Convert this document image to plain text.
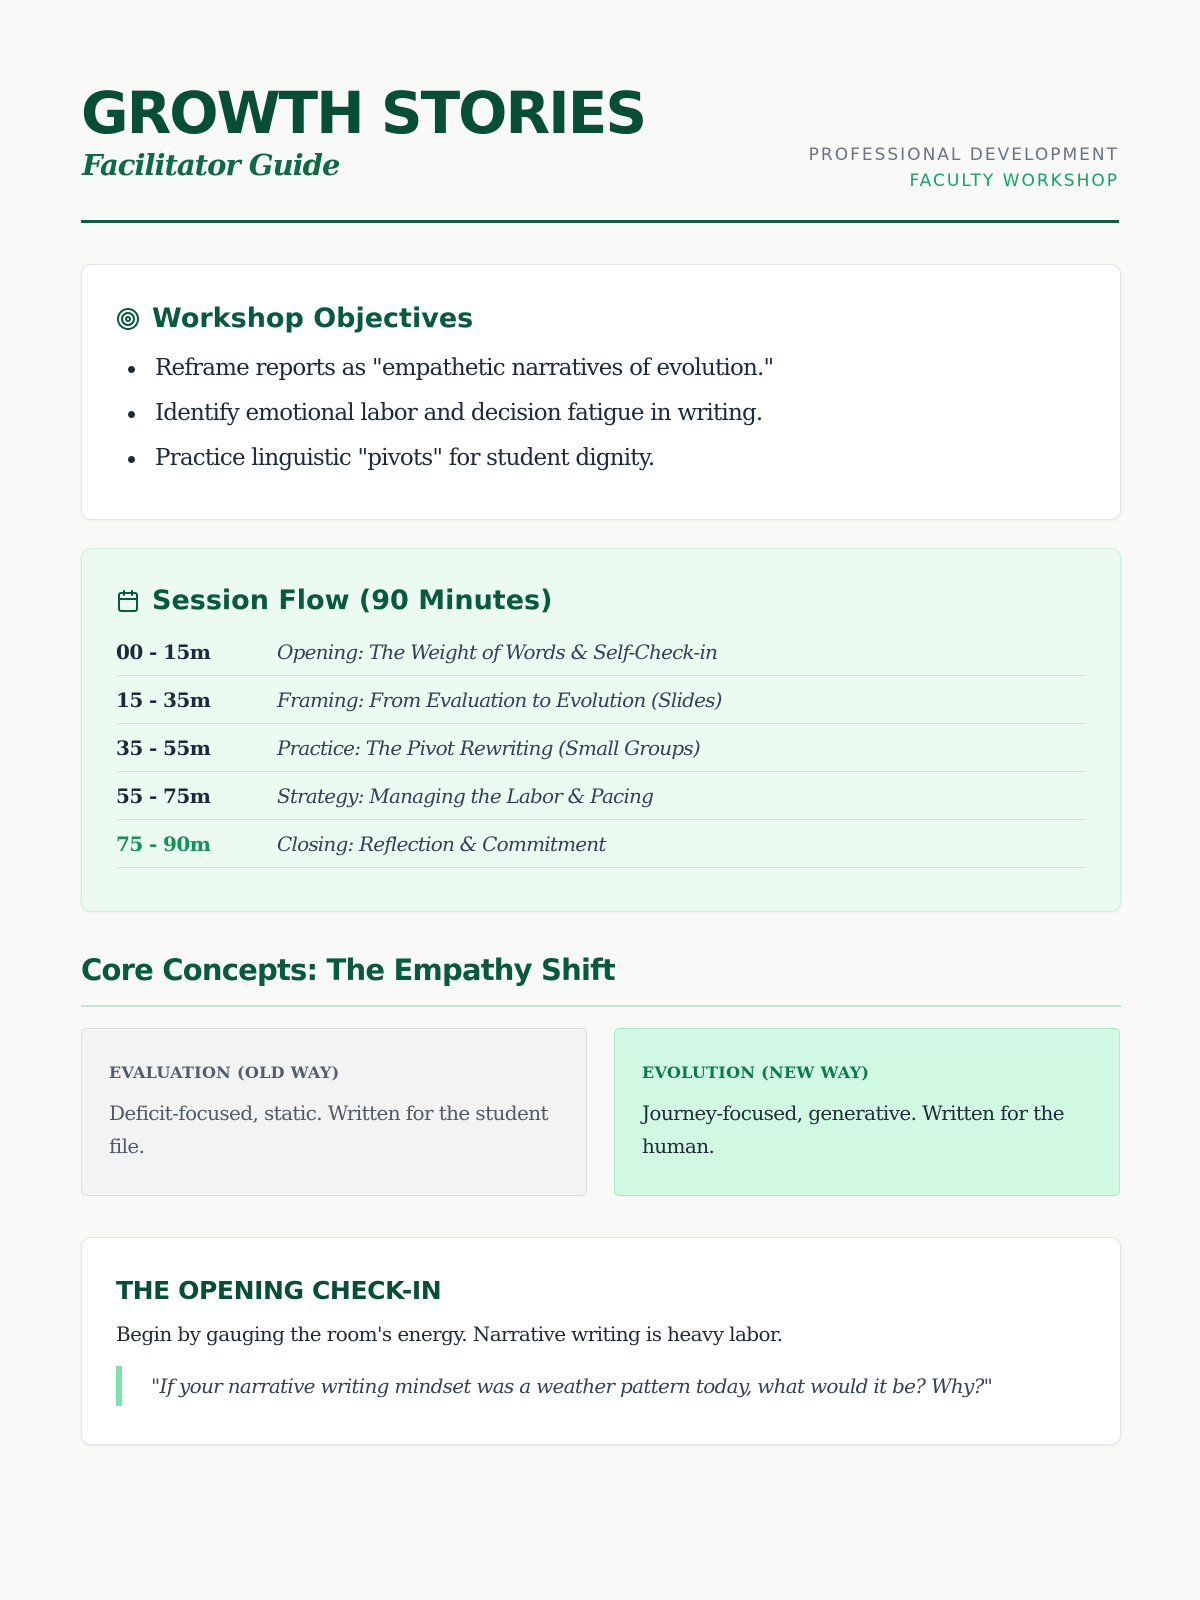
GROWTH STORIES
Facilitator Guide	PROFESSIONAL DEVELOPMENT
FACULTY WORKSHOP
Workshop Objectives
Reframe reports as "empathetic narratives of evolution."
Identify emotional labor and decision fatigue in writing.
Practice linguistic "pivots" for student dignity.
Session Flow (90 Minutes)
00 - 15m	Opening: The Weight of Words & Self-Check-in
15 - 35m	Framing: From Evaluation to Evolution (Slides)
35 - 55m	Practice: The Pivot Rewriting (Small Groups)
55 - 75m	Strategy: Managing the Labor & Pacing
75 - 90m	Closing: Reflection & Commitment
Core Concepts: The Empathy Shift
EVALUATION (OLD WAY)

Deficit-focused, static. Written for the student file.

EVOLUTION (NEW WAY)

Journey-focused, generative. Written for the human.

THE OPENING CHECK-IN

Begin by gauging the room's energy. Narrative writing is heavy labor.

"If your narrative writing mindset was a weather pattern today, what would it be? Why?"
